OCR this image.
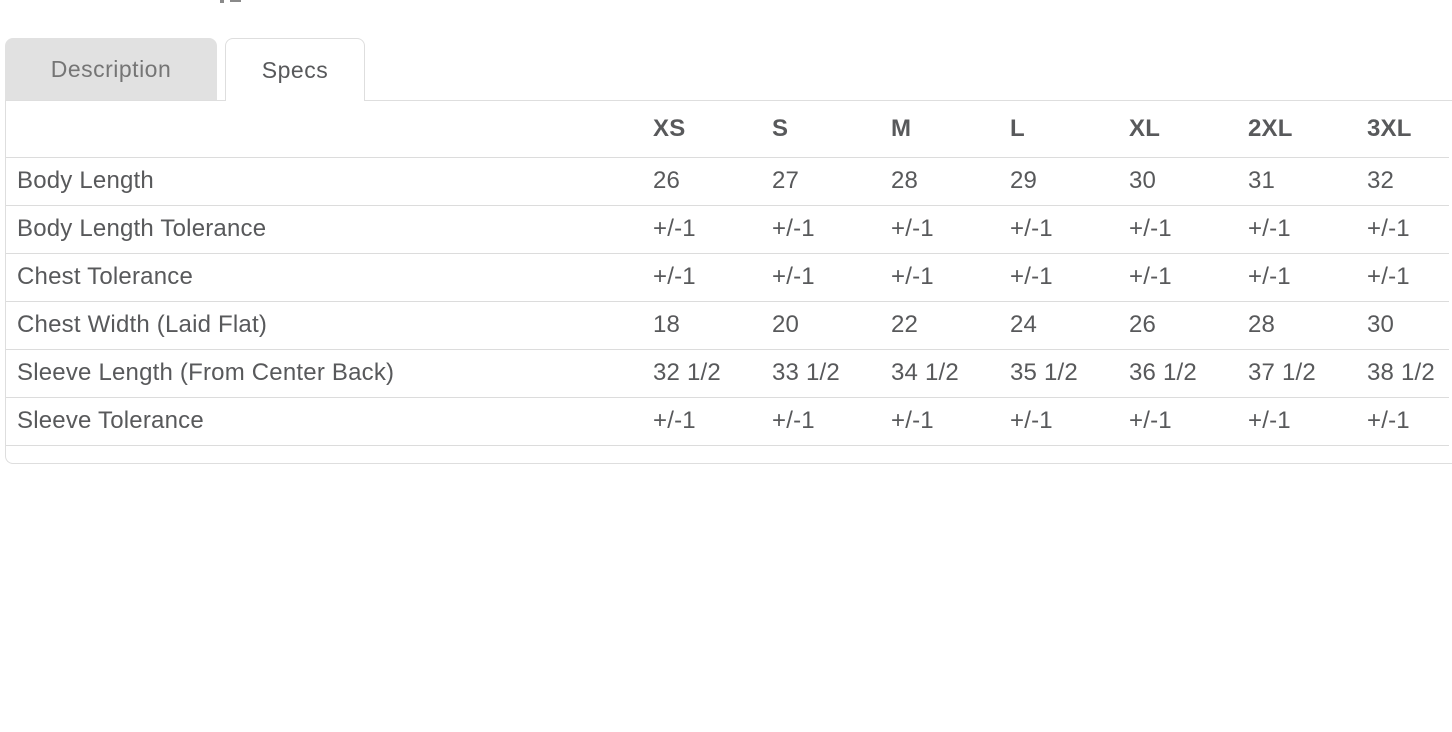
Description	Specs
	XS	S	M	L	XL	2XL	3XL
Body Length	26	27	28	29	30	31	32
Body Length Tolerance	+/-1	+/-1	+/-1	+/-1	+/-1	+/-1	+/-1
Chest Tolerance	+/-1	+/-1	+/-1	+/-1	+/-1	+/-1	+/-1
Chest Width (Laid Flat)	18	20	22	24	26	28	30
Sleeve Length (From Center Back)	32 1/2	33 1/2	34 1/2	35 1/2	36 1/2	37 1/2	38 1/2
Sleeve Tolerance	+/-1	+/-1	+/-1	+/-1	+/-1	+/-1	+/-1
